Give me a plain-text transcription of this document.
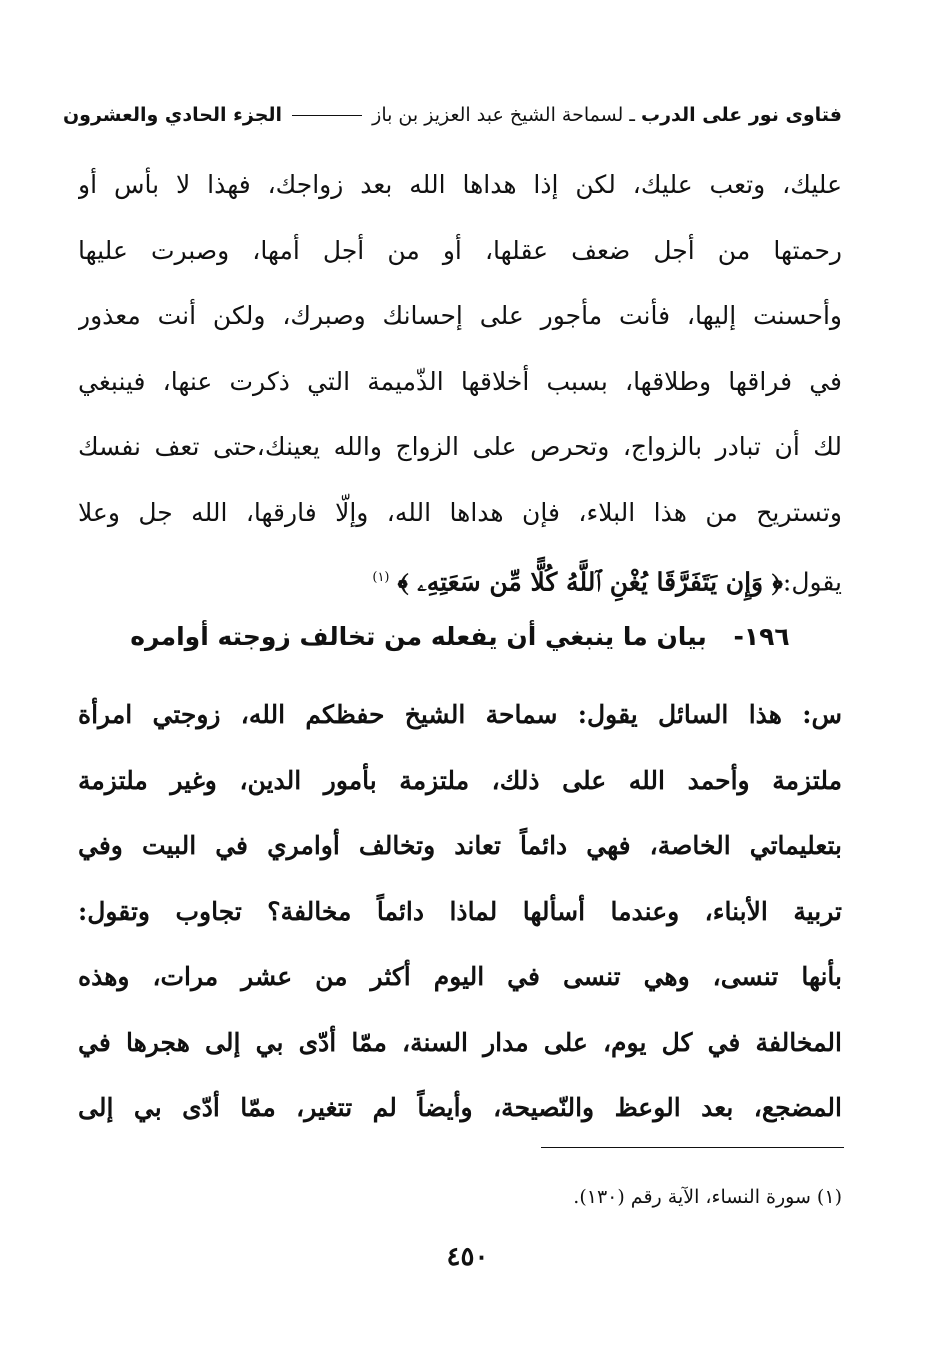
فتاوى نور على الدرب ـ لسماحة الشيخ عبد العزيز بن باز  الجزء الحادي والعشرون
عليك، وتعب عليك، لكن إذا هداها الله بعد زواجك، فهذا لا بأس أو
رحمتها من أجل ضعف عقلها، أو من أجل أمها، وصبرت عليها
وأحسنت إليها، فأنت مأجور على إحسانك وصبرك، ولكن أنت معذور
في فراقها وطلاقها، بسبب أخلاقها الذّميمة التي ذكرت عنها، فينبغي
لك أن تبادر بالزواج، وتحرص على الزواج والله يعينك،حتى تعف نفسك
وتستريح من هذا البلاء، فإن هداها الله، وإلّا فارقها، الله جل وعلا
يقول:﴿ وَإِن يَتَفَرَّقَا يُغْنِ ٱللَّهُ كُلًّا مِّن سَعَتِهِۦ ﴾ $^{(١)}$
١٩٦- بيان ما ينبغي أن يفعله من تخالف زوجته أوامره
س: هذا السائل يقول: سماحة الشيخ حفظكم الله، زوجتي امرأة
ملتزمة وأحمد الله على ذلك، ملتزمة بأمور الدين، وغير ملتزمة
بتعليماتي الخاصة، فهي دائماً تعاند وتخالف أوامري في البيت وفي
تربية الأبناء، وعندما أسألها لماذا دائماً مخالفة؟ تجاوب وتقول:
بأنها تنسى، وهي تنسى في اليوم أكثر من عشر مرات، وهذه
المخالفة في كل يوم، على مدار السنة، ممّا أدّى بي إلى هجرها في
المضجع، بعد الوعظ والنّصيحة، وأيضاً لم تتغير، ممّا أدّى بي إلى
(١) سورة النساء، الآية رقم (١٣٠).
٤٥٠
